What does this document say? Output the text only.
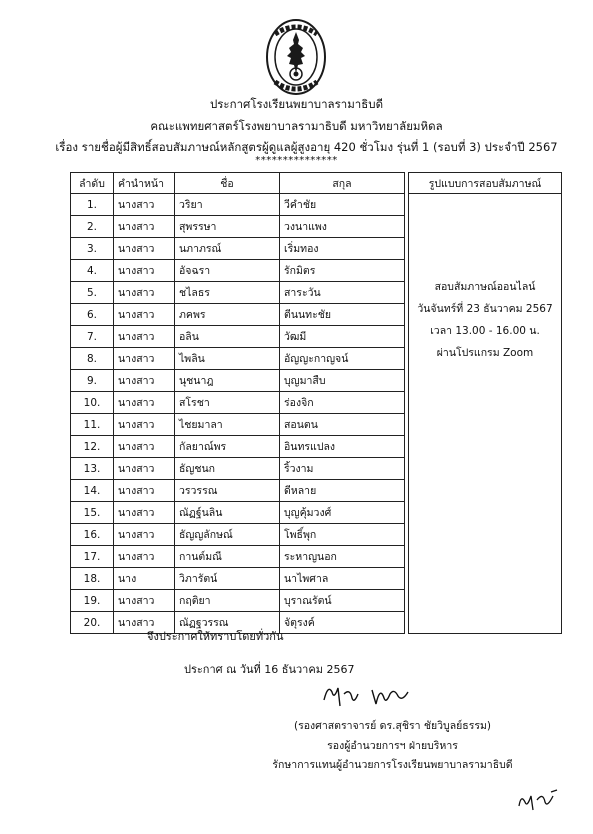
ประกาศโรงเรียนพยาบาลรามาธิบดี
คณะแพทยศาสตร์โรงพยาบาลรามาธิบดี มหาวิทยาลัยมหิดล
เรื่อง รายชื่อผู้มีสิทธิ์สอบสัมภาษณ์หลักสูตรผู้ดูแลผู้สูงอายุ 420 ชั่วโมง รุ่นที่ 1 (รอบที่ 3) ประจำปี 2567
***************
ลำดับ	คำนำหน้า	ชื่อ	สกุล		รูปแบบการสอบสัมภาษณ์
1.	นางสาว	วริยา	วีคำชัย		สอบสัมภาษณ์ออนไลน์
วันจันทร์ที่ 23 ธันวาคม 2567
เวลา 13.00 - 16.00 น.
ผ่านโปรแกรม Zoom

2.	นางสาว	สุพรรษา	วงนาแพง		
3.	นางสาว	นภาภรณ์	เริ่มทอง		
4.	นางสาว	อัจฉรา	รักมิตร		
5.	นางสาว	ชไลธร	สาระวัน		
6.	นางสาว	ภคพร	ตีนนทะชัย		
7.	นางสาว	อลิน	วัฒมี		
8.	นางสาว	ไพลิน	อัญญะกาญจน์		
9.	นางสาว	นุชนาฎ	บุญมาสืบ		
10.	นางสาว	สโรชา	ร่องจิก		
11.	นางสาว	ไชยมาลา	สอนตน		
12.	นางสาว	กัลยาณ์พร	อินทรแปลง		
13.	นางสาว	ธัญชนก	ริ้วงาม		
14.	นางสาว	วรวรรณ	ดีหลาย		
15.	นางสาว	ณัฏฐ์นลิน	บุญคุ้มวงศ์		
16.	นางสาว	ธัญญลักษณ์	โพธิ์พุก		
17.	นางสาว	กานต์มณี	ระหาญนอก		
18.	นาง	วิภารัตน์	นาไพศาล		
19.	นางสาว	กฤติยา	บุราณรัตน์		
20.	นางสาว	ณัฏฐวรรณ	จัตุรงค์		
จึงประกาศให้ทราบโดยทั่วกัน
ประกาศ ณ วันที่ 16 ธันวาคม 2567
(รองศาสตราจารย์ ดร.สุชิรา ชัยวิบูลย์ธรรม)
รองผู้อำนวยการฯ ฝ่ายบริหาร
รักษาการแทนผู้อำนวยการโรงเรียนพยาบาลรามาธิบดี
